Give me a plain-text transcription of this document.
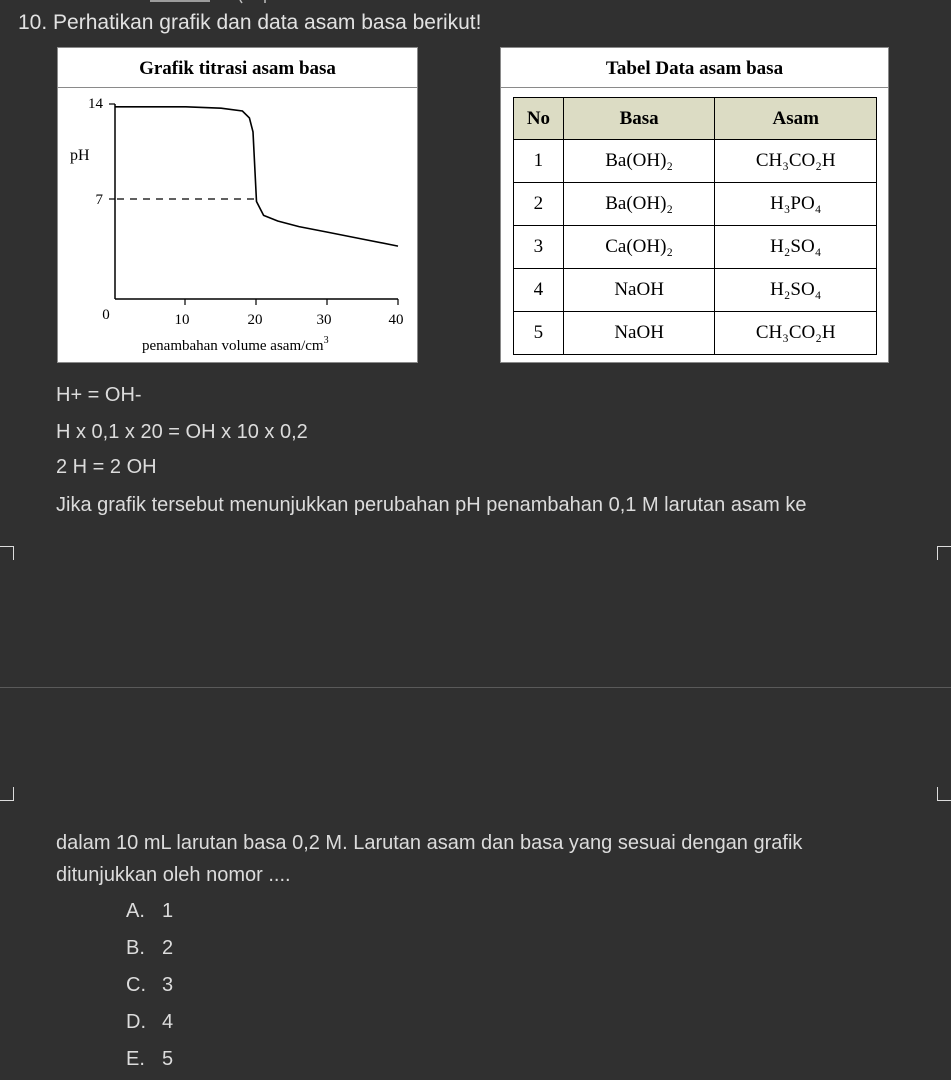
10. Perhatikan grafik dan data asam basa berikut!
Grafik titrasi asam basa
14
7
pH
0	10	20	30	40
penambahan volume asam/$cm^3$
Tabel Data asam basa
No	Basa	Asam
1	Ba(OH)₂	CH₃CO₂H
2	Ba(OH)₂	H₃PO₄
3	Ca(OH)₂	H₂SO₄
4	NaOH	H₂SO₄
5	NaOH	CH₃CO₂H
H+ = OH-
H x 0,1 x 20 = OH x 10 x 0,2
2 H = 2 OH
Jika grafik tersebut menunjukkan perubahan pH penambahan 0,1 M larutan asam ke
dalam 10 mL larutan basa 0,2 M. Larutan asam dan basa yang sesuai dengan grafik
ditunjukkan oleh nomor ....
A. 1
B. 2
C. 3
D. 4
E. 5
